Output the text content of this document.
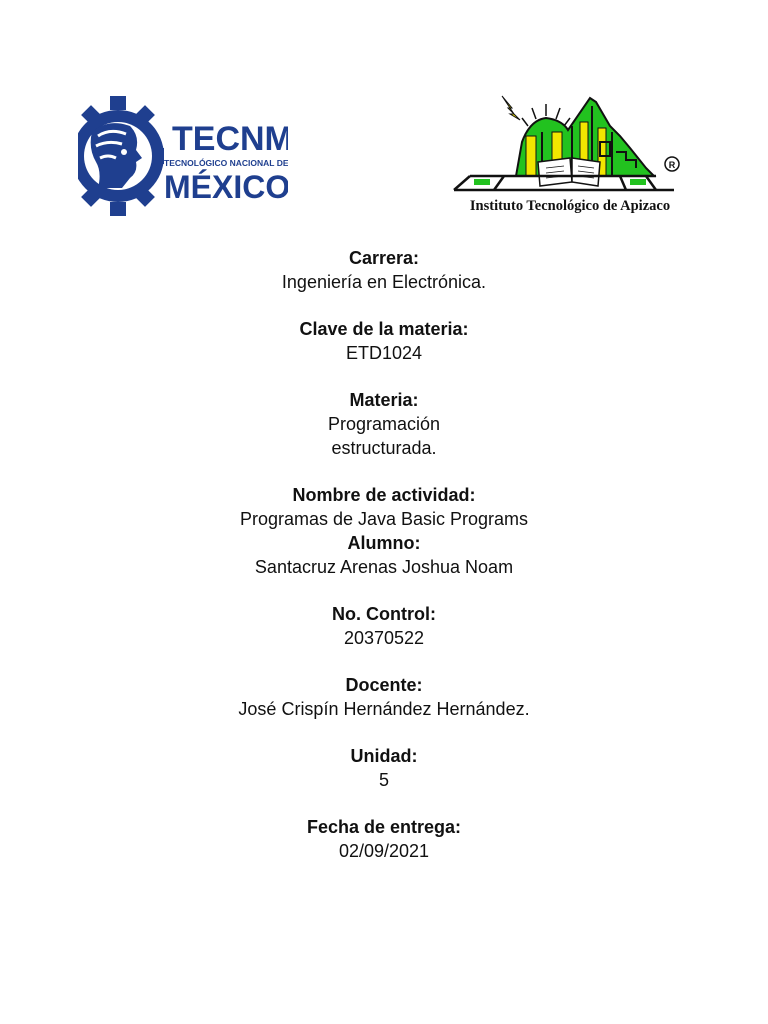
TECNM
TECNOLÓGICO NACIONAL DE
MÉXICO
R
Instituto Tecnológico de Apizaco
Carrera:
Ingeniería en Electrónica.
Clave de la materia:
ETD1024
Materia:
Programación estructurada.
Nombre de actividad:
Programas de Java Basic Programs
Alumno:
Santacruz Arenas Joshua Noam
No. Control:
20370522
Docente:
José Crispín Hernández Hernández.
Unidad:
5
Fecha de entrega:
02/09/2021
